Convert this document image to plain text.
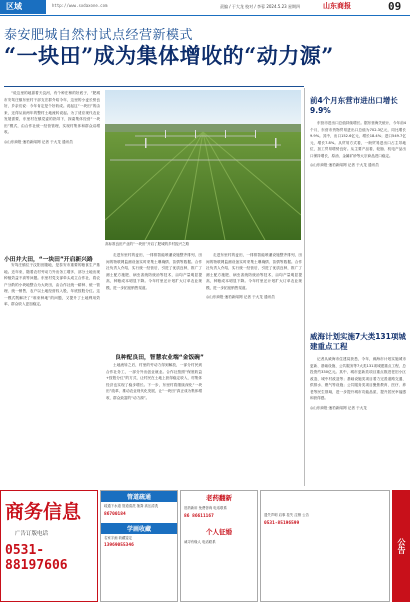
区域	http://www.sxdaxone.com	责编 / 于大龙 校对 / 李蓉 2024.5.23 星期四	山东商报	09
泰安肥城自然村试点经营新模式
“一块田”成为集体增收的“动力源”

“说这里的地靠着天汶河，有个种庄稼的好底子，”肥城市安驾庄镇东里村干部支宏群介绍今年，这里的小麦长势良好，乡亲们说：今年肯定是个好收成。说起这“一块田”的由来，还得从前两年的整村土地流转说起。为了适应现代农业发展需要，东里村在镇党委的指导下，探索集体经营“一块田”模式，由合作社统一经营管理，实现村集体和群众双增收。

◎山东商报·速豹新闻网 记者 于大龙 通讯员
高标准良田产业的“一块田”开启了肥城的乡村振兴之路
小田并大田，“一块田”开启新兴路

安驾庄镇位于汶阳田腹地，是泰安市重要的粮食生产基地。近年来，随着农村劳动力外出务工增多，部分土地出现种植效益不高等问题。东里村党支部牵头成立合作社，将农户分散的小块地整合为大块田，由合作社统一耕种、统一管理、统一销售，农户以土地经营权入股，年底按股分红。这一模式既解决了“谁来种地”的问题，又提升了土地利用效率，群众收入更加稳定。

走进东里村的麦田，一排排智能喷灌设施整齐排列，田间的物联网监测设备实时采集土壤墒情、苗情等数据。合作社负责人介绍，实行统一经营后，引进了优质良种，推广了测土配方施肥、病虫害统防统治等技术，亩均产量明显提高，种粮成本明显下降。今年村里还计划扩大订单农业规模，进一步拓宽销售渠道。

良种配良田，智慧农业端“金饭碗”

土地流转之后，村里的劳动力得到解放，一部分村民到合作社务工，一部分外出创业就业。合作社按照“保底收益+按股分红”的方式，让村民在土地上获得稳定收入，村集体经济也实现了稳步增长。下一步，东里村将继续深化“一块田”改革，推动农业现代化发展，让“一块田”真正成为集体增收、群众致富的“动力源”。

走进东里村的麦田，一排排智能喷灌设施整齐排列，田间的物联网监测设备实时采集土壤墒情、苗情等数据。合作社负责人介绍，实行统一经营后，引进了优质良种，推广了测土配方施肥、病虫害统防统治等技术，亩均产量明显提高，种粮成本明显下降。今年村里还计划扩大订单农业规模，进一步拓宽销售渠道。

◎山东商报·速豹新闻网 记者 于大龙 通讯员
前4个月东营市进出口增长9.9%

东营市进出口总值持续增长。据东营海关统计，今年前4个月，东营市货物贸易进出口总值为702.3亿元，同比增长9.9%。其中，出口152.6亿元，增长18.4%；进口549.7亿元，增长7.8%。从贸易方式看，一般贸易进出口占主导地位，加工贸易增势良好。从主要产品看，轮胎、机电产品出口保持增长，原油、金属矿砂等大宗商品进口稳定。

◎山东商报·速豹新闻网 记者 于大龙 通讯员
威海计划实施7大类131项城建重点工程

记者从威海市住建局获悉，今年，威海市计划实施城市更新、基础设施、公共服务等7大类131项城建重点工程，总投资约330亿元。其中，城市更新类项目重点推进老旧小区改造、城中村改造等；基础设施类项目着力完善道路交通、供排水、燃气等设施；公共服务类项目聚焦教育、医疗、养老等民生领域，进一步提升城市功能品质，提升居民幸福感和获得感。

◎山东商报·速豹新闻网 记者 于大龙
商务信息
广告订版电话
0531-88197606
管道疏通
疏通下水道 管道清洗 抽粪 高压清洗
86700184
学画收藏
名家字画 收藏鉴定
13969055346
老药翻新
旧药新用 免费咨询 电话联系
86 86611167
个人征婚
诚寻有缘人 电话联系
遗失声明 启事 挂失 注销 公告
0531-85196599
公告
